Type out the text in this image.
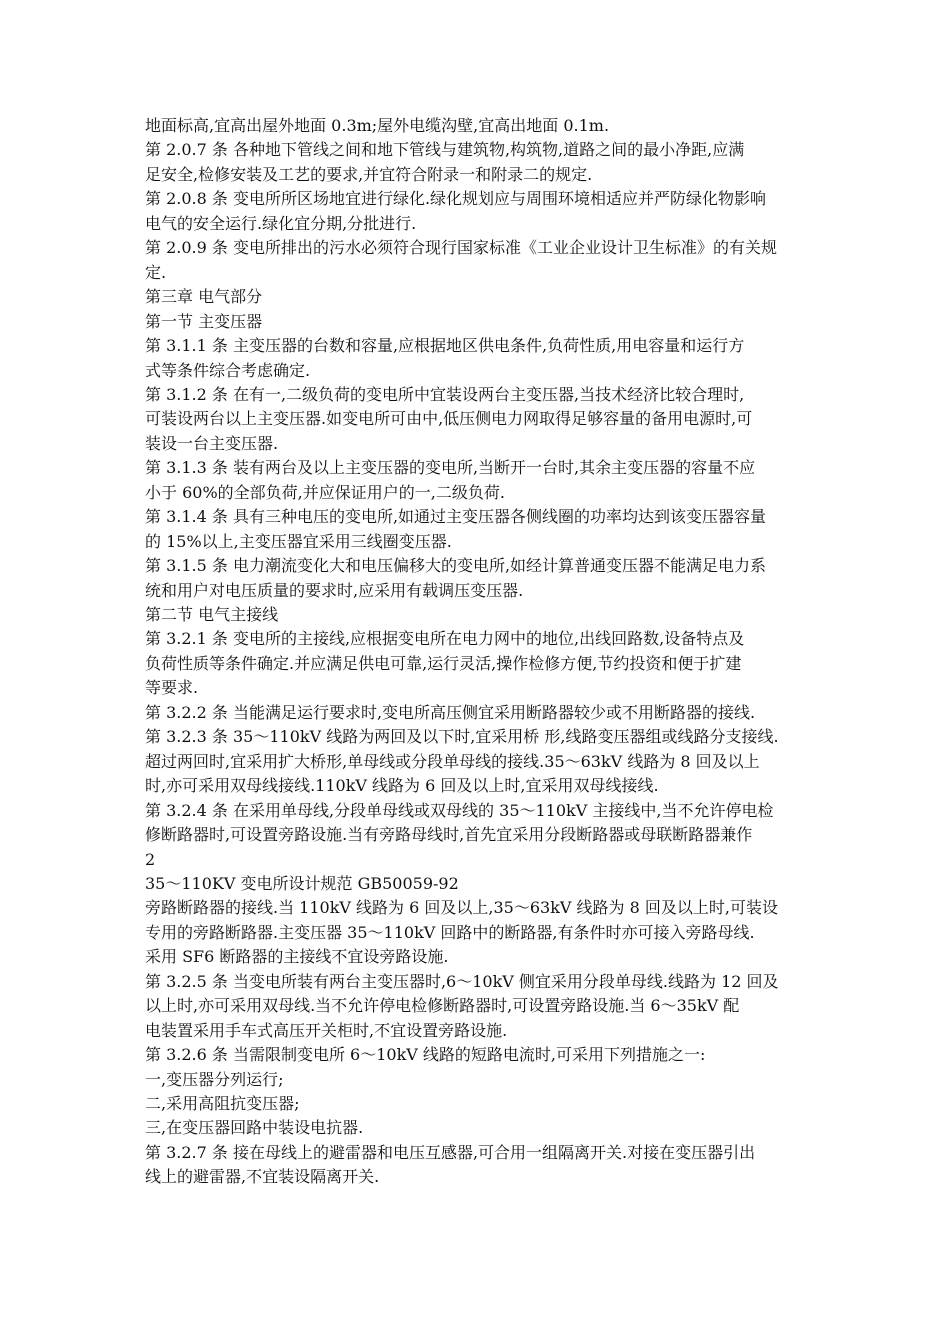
地面标高,宜高出屋外地面 0.3m;屋外电缆沟壁,宜高出地面 0.1m.
第 2.0.7 条 各种地下管线之间和地下管线与建筑物,构筑物,道路之间的最小净距,应满
足安全,检修安装及工艺的要求,并宜符合附录一和附录二的规定.
第 2.0.8 条 变电所所区场地宜进行绿化.绿化规划应与周围环境相适应并严防绿化物影响
电气的安全运行.绿化宜分期,分批进行.
第 2.0.9 条 变电所排出的污水必须符合现行国家标准《工业企业设计卫生标准》的有关规
定.
第三章 电气部分
第一节 主变压器
第 3.1.1 条 主变压器的台数和容量,应根据地区供电条件,负荷性质,用电容量和运行方
式等条件综合考虑确定.
第 3.1.2 条 在有一,二级负荷的变电所中宜装设两台主变压器,当技术经济比较合理时,
可装设两台以上主变压器.如变电所可由中,低压侧电力网取得足够容量的备用电源时,可
装设一台主变压器.
第 3.1.3 条 装有两台及以上主变压器的变电所,当断开一台时,其余主变压器的容量不应
小于 60%的全部负荷,并应保证用户的一,二级负荷.
第 3.1.4 条 具有三种电压的变电所,如通过主变压器各侧线圈的功率均达到该变压器容量
的 15%以上,主变压器宜采用三线圈变压器.
第 3.1.5 条 电力潮流变化大和电压偏移大的变电所,如经计算普通变压器不能满足电力系
统和用户对电压质量的要求时,应采用有载调压变压器.
第二节 电气主接线
第 3.2.1 条 变电所的主接线,应根据变电所在电力网中的地位,出线回路数,设备特点及
负荷性质等条件确定.并应满足供电可靠,运行灵活,操作检修方便,节约投资和便于扩建
等要求.
第 3.2.2 条 当能满足运行要求时,变电所高压侧宜采用断路器较少或不用断路器的接线.
第 3.2.3 条 35～110kV 线路为两回及以下时,宜采用桥 形,线路变压器组或线路分支接线.
超过两回时,宜采用扩大桥形,单母线或分段单母线的接线.35～63kV 线路为 8 回及以上
时,亦可采用双母线接线.110kV 线路为 6 回及以上时,宜采用双母线接线.
第 3.2.4 条 在采用单母线,分段单母线或双母线的 35～110kV 主接线中,当不允许停电检
修断路器时,可设置旁路设施.当有旁路母线时,首先宜采用分段断路器或母联断路器兼作
2
35～110KV 变电所设计规范 GB50059-92
旁路断路器的接线.当 110kV 线路为 6 回及以上,35～63kV 线路为 8 回及以上时,可装设
专用的旁路断路器.主变压器 35～110kV 回路中的断路器,有条件时亦可接入旁路母线.
采用 SF6 断路器的主接线不宜设旁路设施.
第 3.2.5 条 当变电所装有两台主变压器时,6～10kV 侧宜采用分段单母线.线路为 12 回及
以上时,亦可采用双母线.当不允许停电检修断路器时,可设置旁路设施.当 6～35kV 配
电装置采用手车式高压开关柜时,不宜设置旁路设施.
第 3.2.6 条 当需限制变电所 6～10kV 线路的短路电流时,可采用下列措施之一:
一,变压器分列运行;
二,采用高阻抗变压器;
三,在变压器回路中装设电抗器.
第 3.2.7 条 接在母线上的避雷器和电压互感器,可合用一组隔离开关.对接在变压器引出
线上的避雷器,不宜装设隔离开关.
